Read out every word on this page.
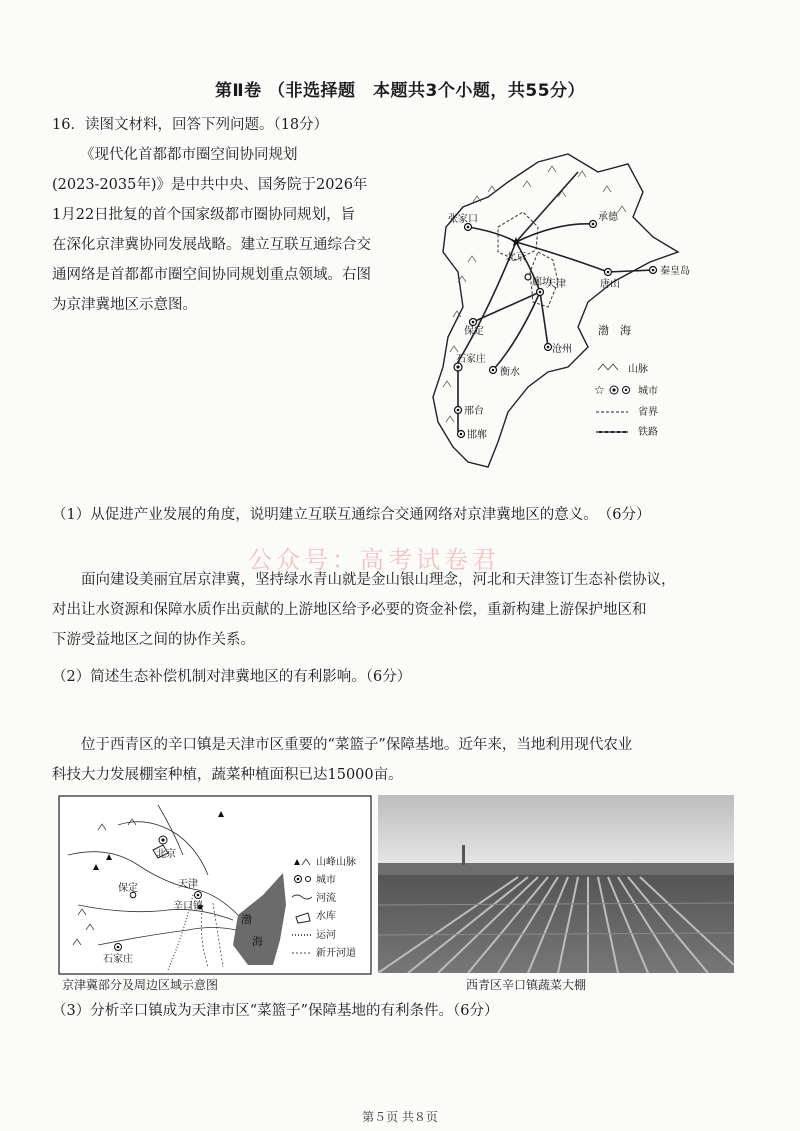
第Ⅱ卷 （非选择题　本题共3个小题，共55分）
16．读图文材料，回答下列问题。（18分）

《现代化首都都市圈空间协同规划

(2023-2035年)》是中共中央、国务院于2026年

1月22日批复的首个国家级都市圈协同规划，旨

在深化京津冀协同发展战略。建立互联互通综合交

通网络是首都都市圈空间协同规划重点领域。右图

为京津冀地区示意图。

★
张家口
北京
承德
唐山
秦皇岛
天津
廊坊
保定
沧州
石家庄
衡水
邢台
邯郸
渤　海
山脉
☆	城市
省界
铁路
（1）从促进产业发展的角度，说明建立互联互通综合交通网络对京津冀地区的意义。　（6分）
公众号：高考试卷君

　　面向建设美丽宜居京津冀，坚持绿水青山就是金山银山理念，河北和天津签订生态补偿协议，

对出让水资源和保障水质作出贡献的上游地区给予必要的资金补偿，重新构建上游保护地区和

下游受益地区之间的协作关系。

（2）简述生态补偿机制对津冀地区的有利影响。（6分）
　　位于西青区的辛口镇是天津市区重要的“菜篮子”保障基地。近年来，当地利用现代农业
科技大力发展棚室种植，蔬菜种植面积已达15000亩。
北京
保定	天津
辛口镇
石家庄
渤
海
山峰山脉
城市
河流
水库
运河
新开河道
京津冀部分及周边区域示意图	西青区辛口镇蔬菜大棚
（3）分析辛口镇成为天津市区“菜篮子”保障基地的有利条件。（6分）
第５页 共８页
